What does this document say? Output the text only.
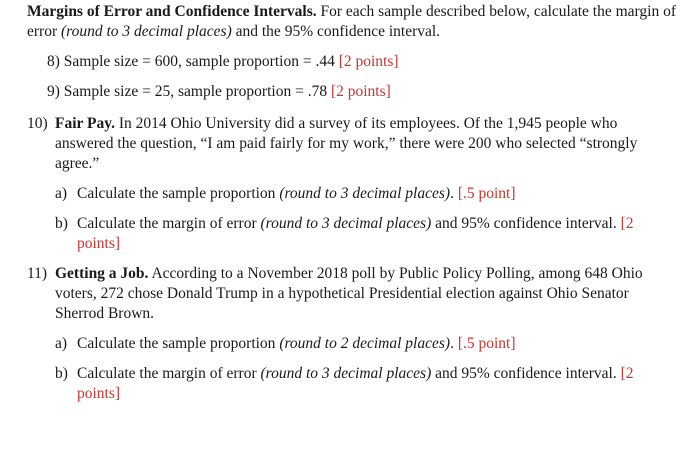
Margins of Error and Confidence Intervals. For each sample described below, calculate the margin of error (round to 3 decimal places) and the 95% confidence interval.

8) Sample size = 600, sample proportion = .44 [2 points]

9) Sample size = 25, sample proportion = .78 [2 points]

10) Fair Pay. In 2014 Ohio University did a survey of its employees. Of the 1,945 people who answered the question, “I am paid fairly for my work,” there were 200 who selected “strongly agree.”

a) Calculate the sample proportion (round to 3 decimal places). [.5 point]

b) Calculate the margin of error (round to 3 decimal places) and 95% confidence interval. [2 points]

11) Getting a Job. According to a November 2018 poll by Public Policy Polling, among 648 Ohio voters, 272 chose Donald Trump in a hypothetical Presidential election against Ohio Senator Sherrod Brown.

a) Calculate the sample proportion (round to 2 decimal places). [.5 point]

b) Calculate the margin of error (round to 3 decimal places) and 95% confidence interval. [2 points]
